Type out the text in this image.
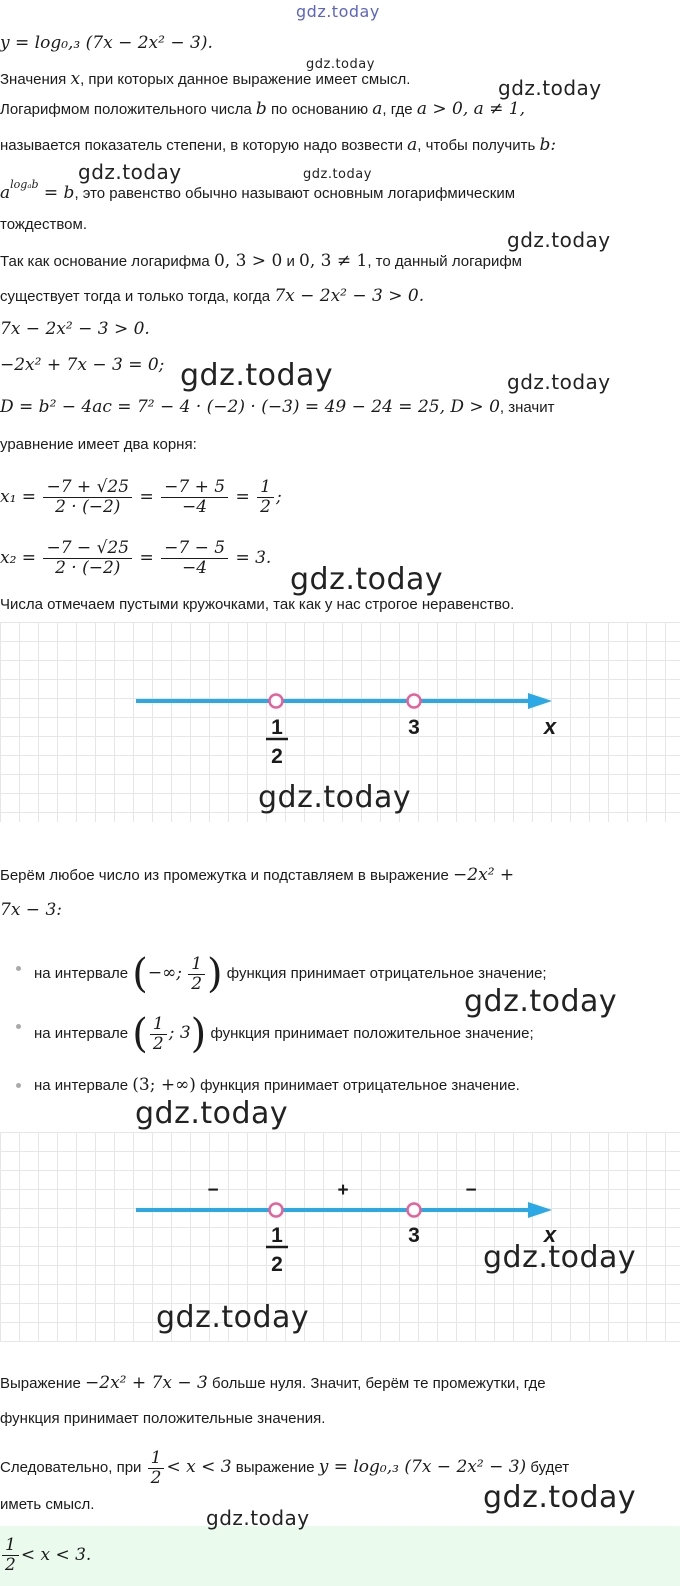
gdz.today
gdz.today
gdz.today
gdz.today	gdz.today
gdz.today
gdz.today	gdz.today
gdz.today
y = log₀,₃ (7x − 2x² − 3).
Значения x, при которых данное выражение имеет смысл.
Логарифмом положительного числа b по основанию a, где a > 0, a ≠ 1,
называется показатель степени, в которую надо возвести a, чтобы получить b:
$a^{log_ab} = b$, это равенство обычно называют основным логарифмическим
тождеством.
Так как основание логарифма 0, 3 > 0 и 0, 3 ≠ 1, то данный логарифм
существует тогда и только тогда, когда 7x − 2x² − 3 > 0.
7x − 2x² − 3 > 0.
−2x² + 7x − 3 = 0;
D = b² − 4ac = 7² − 4 · (−2) · (−3) = 49 − 24 = 25, D > 0, значит
уравнение имеет два корня:
$x_1 = \frac{-7 + √25}{2 \cdot (-2)} = \frac{-7 + 5}{-4} = \frac{1}{2}$ ;
$x_2 = \frac{-7 - √25}{2 \cdot (-2)} = \frac{-7 - 5}{-4} = 3$.
Числа отмечаем пустыми кружочками, так как у нас строгое неравенство.
1
2
3	x
gdz.today
Берём любое число из промежутка и подставляем в выражение −2x² +
7x − 3:
на интервале (−∞; $\frac{1}{2}$ ) функция принимает отрицательное значение;
gdz.today
на интервале ( $\frac{1}{2}$ ; 3) функция принимает положительное значение;
на интервале (3; +∞) функция принимает отрицательное значение.
gdz.today
−	+	−
1
2
3	x
gdz.today
gdz.today
Выражение −2x² + 7x − 3 больше нуля. Значит, берём те промежутки, где
функция принимает положительные значения.
Следовательно, при $\frac{1}{2} < x < 3$ выражение y = log₀,₃ (7x − 2x² − 3) будет
иметь смысл.	gdz.today
$\frac{1}{2} < x < 3$.
gdz.today
